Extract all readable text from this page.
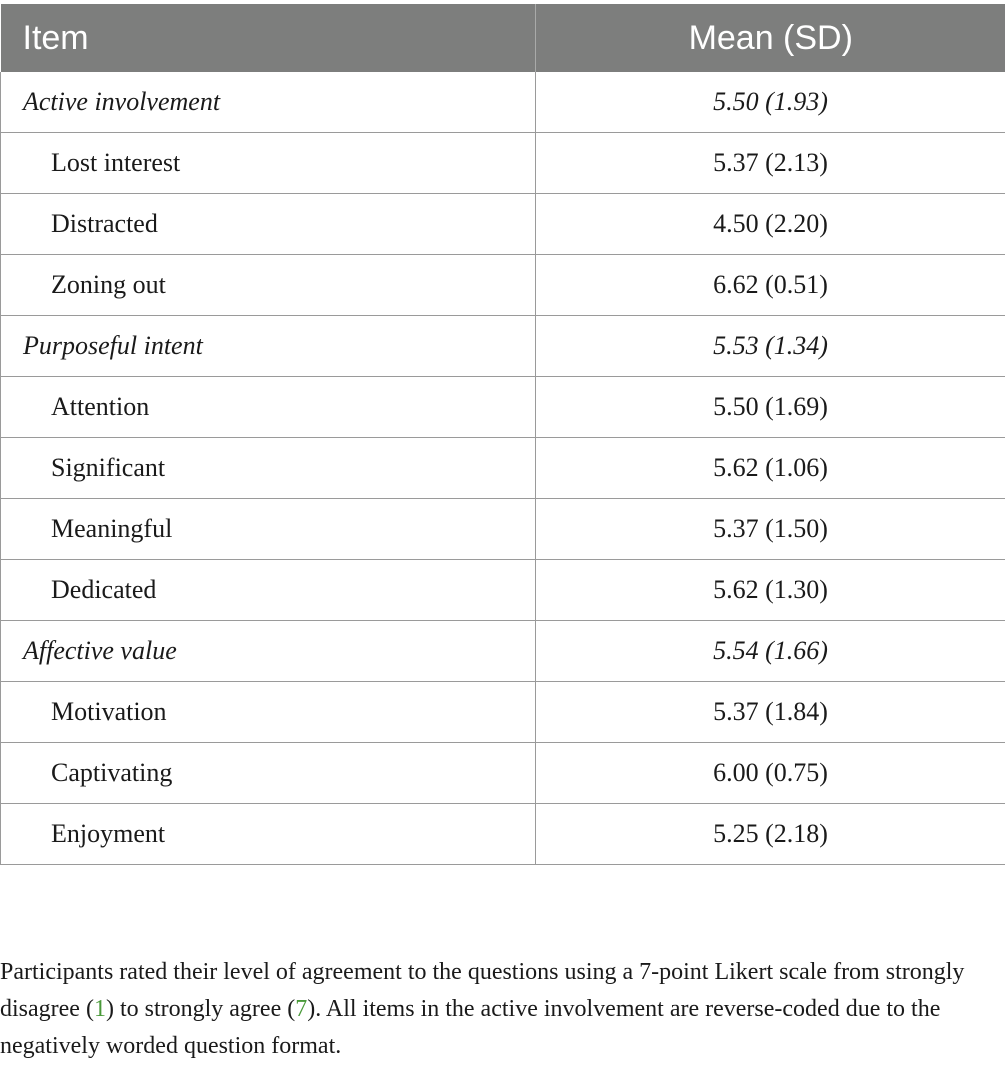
Item	Mean (SD)
Active involvement	5.50 (1.93)
Lost interest	5.37 (2.13)
Distracted	4.50 (2.20)
Zoning out	6.62 (0.51)
Purposeful intent	5.53 (1.34)
Attention	5.50 (1.69)
Significant	5.62 (1.06)
Meaningful	5.37 (1.50)
Dedicated	5.62 (1.30)
Affective value	5.54 (1.66)
Motivation	5.37 (1.84)
Captivating	6.00 (0.75)
Enjoyment	5.25 (2.18)

Participants rated their level of agreement to the questions using a 7-point Likert scale from strongly disagree (1) to strongly agree (7). All items in the active involvement are reverse-coded due to the negatively worded question format.
